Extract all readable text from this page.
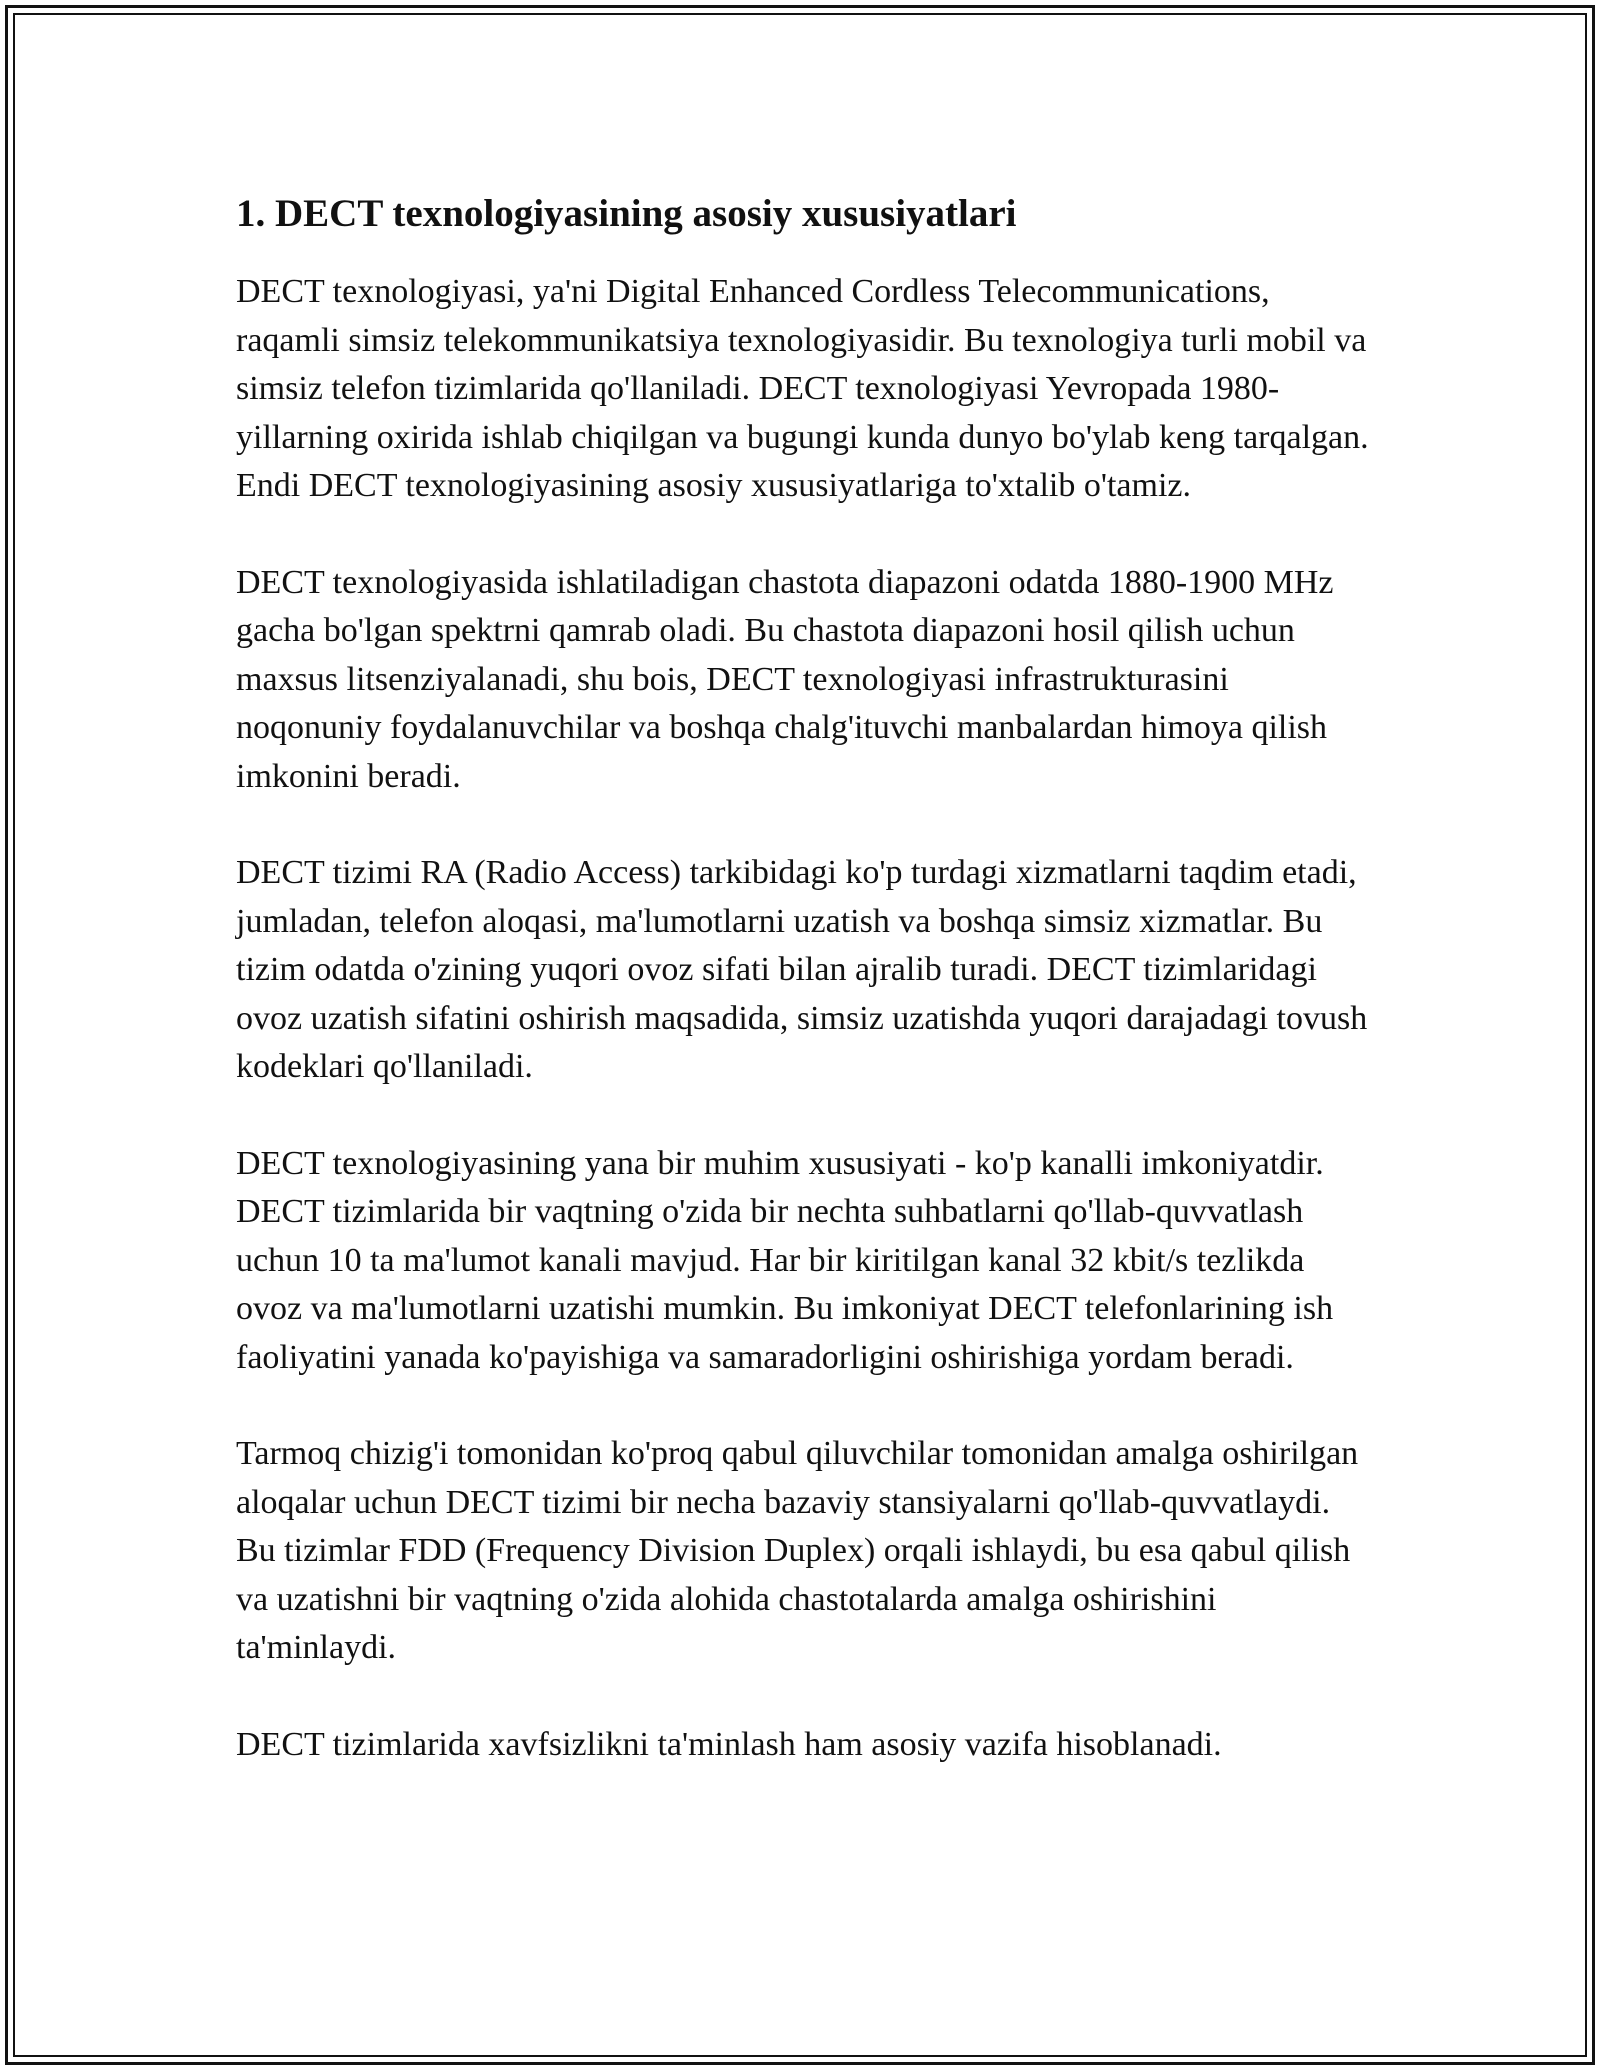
1. DECT texnologiyasining asosiy xususiyatlari

DECT texnologiyasi, ya'ni Digital Enhanced Cordless Telecommunications, raqamli simsiz telekommunikatsiya texnologiyasidir. Bu texnologiya turli mobil va simsiz telefon tizimlarida qo'llaniladi. DECT texnologiyasi Yevropada 1980-yillarning oxirida ishlab chiqilgan va bugungi kunda dunyo bo'ylab keng tarqalgan. Endi DECT texnologiyasining asosiy xususiyatlariga to'xtalib o'tamiz.

DECT texnologiyasida ishlatiladigan chastota diapazoni odatda 1880-1900 MHz gacha bo'lgan spektrni qamrab oladi. Bu chastota diapazoni hosil qilish uchun maxsus litsenziyalanadi, shu bois, DECT texnologiyasi infrastrukturasini noqonuniy foydalanuvchilar va boshqa chalg'ituvchi manbalardan himoya qilish imkonini beradi.

DECT tizimi RA (Radio Access) tarkibidagi ko'p turdagi xizmatlarni taqdim etadi, jumladan, telefon aloqasi, ma'lumotlarni uzatish va boshqa simsiz xizmatlar. Bu tizim odatda o'zining yuqori ovoz sifati bilan ajralib turadi. DECT tizimlaridagi ovoz uzatish sifatini oshirish maqsadida, simsiz uzatishda yuqori darajadagi tovush kodeklari qo'llaniladi.

DECT texnologiyasining yana bir muhim xususiyati - ko'p kanalli imkoniyatdir. DECT tizimlarida bir vaqtning o'zida bir nechta suhbatlarni qo'llab-quvvatlash uchun 10 ta ma'lumot kanali mavjud. Har bir kiritilgan kanal 32 kbit/s tezlikda ovoz va ma'lumotlarni uzatishi mumkin. Bu imkoniyat DECT telefonlarining ish faoliyatini yanada ko'payishiga va samaradorligini oshirishiga yordam beradi.

Tarmoq chizig'i tomonidan ko'proq qabul qiluvchilar tomonidan amalga oshirilgan aloqalar uchun DECT tizimi bir necha bazaviy stansiyalarni qo'llab-quvvatlaydi. Bu tizimlar FDD (Frequency Division Duplex) orqali ishlaydi, bu esa qabul qilish va uzatishni bir vaqtning o'zida alohida chastotalarda amalga oshirishini ta'minlaydi.

DECT tizimlarida xavfsizlikni ta'minlash ham asosiy vazifa hisoblanadi.
